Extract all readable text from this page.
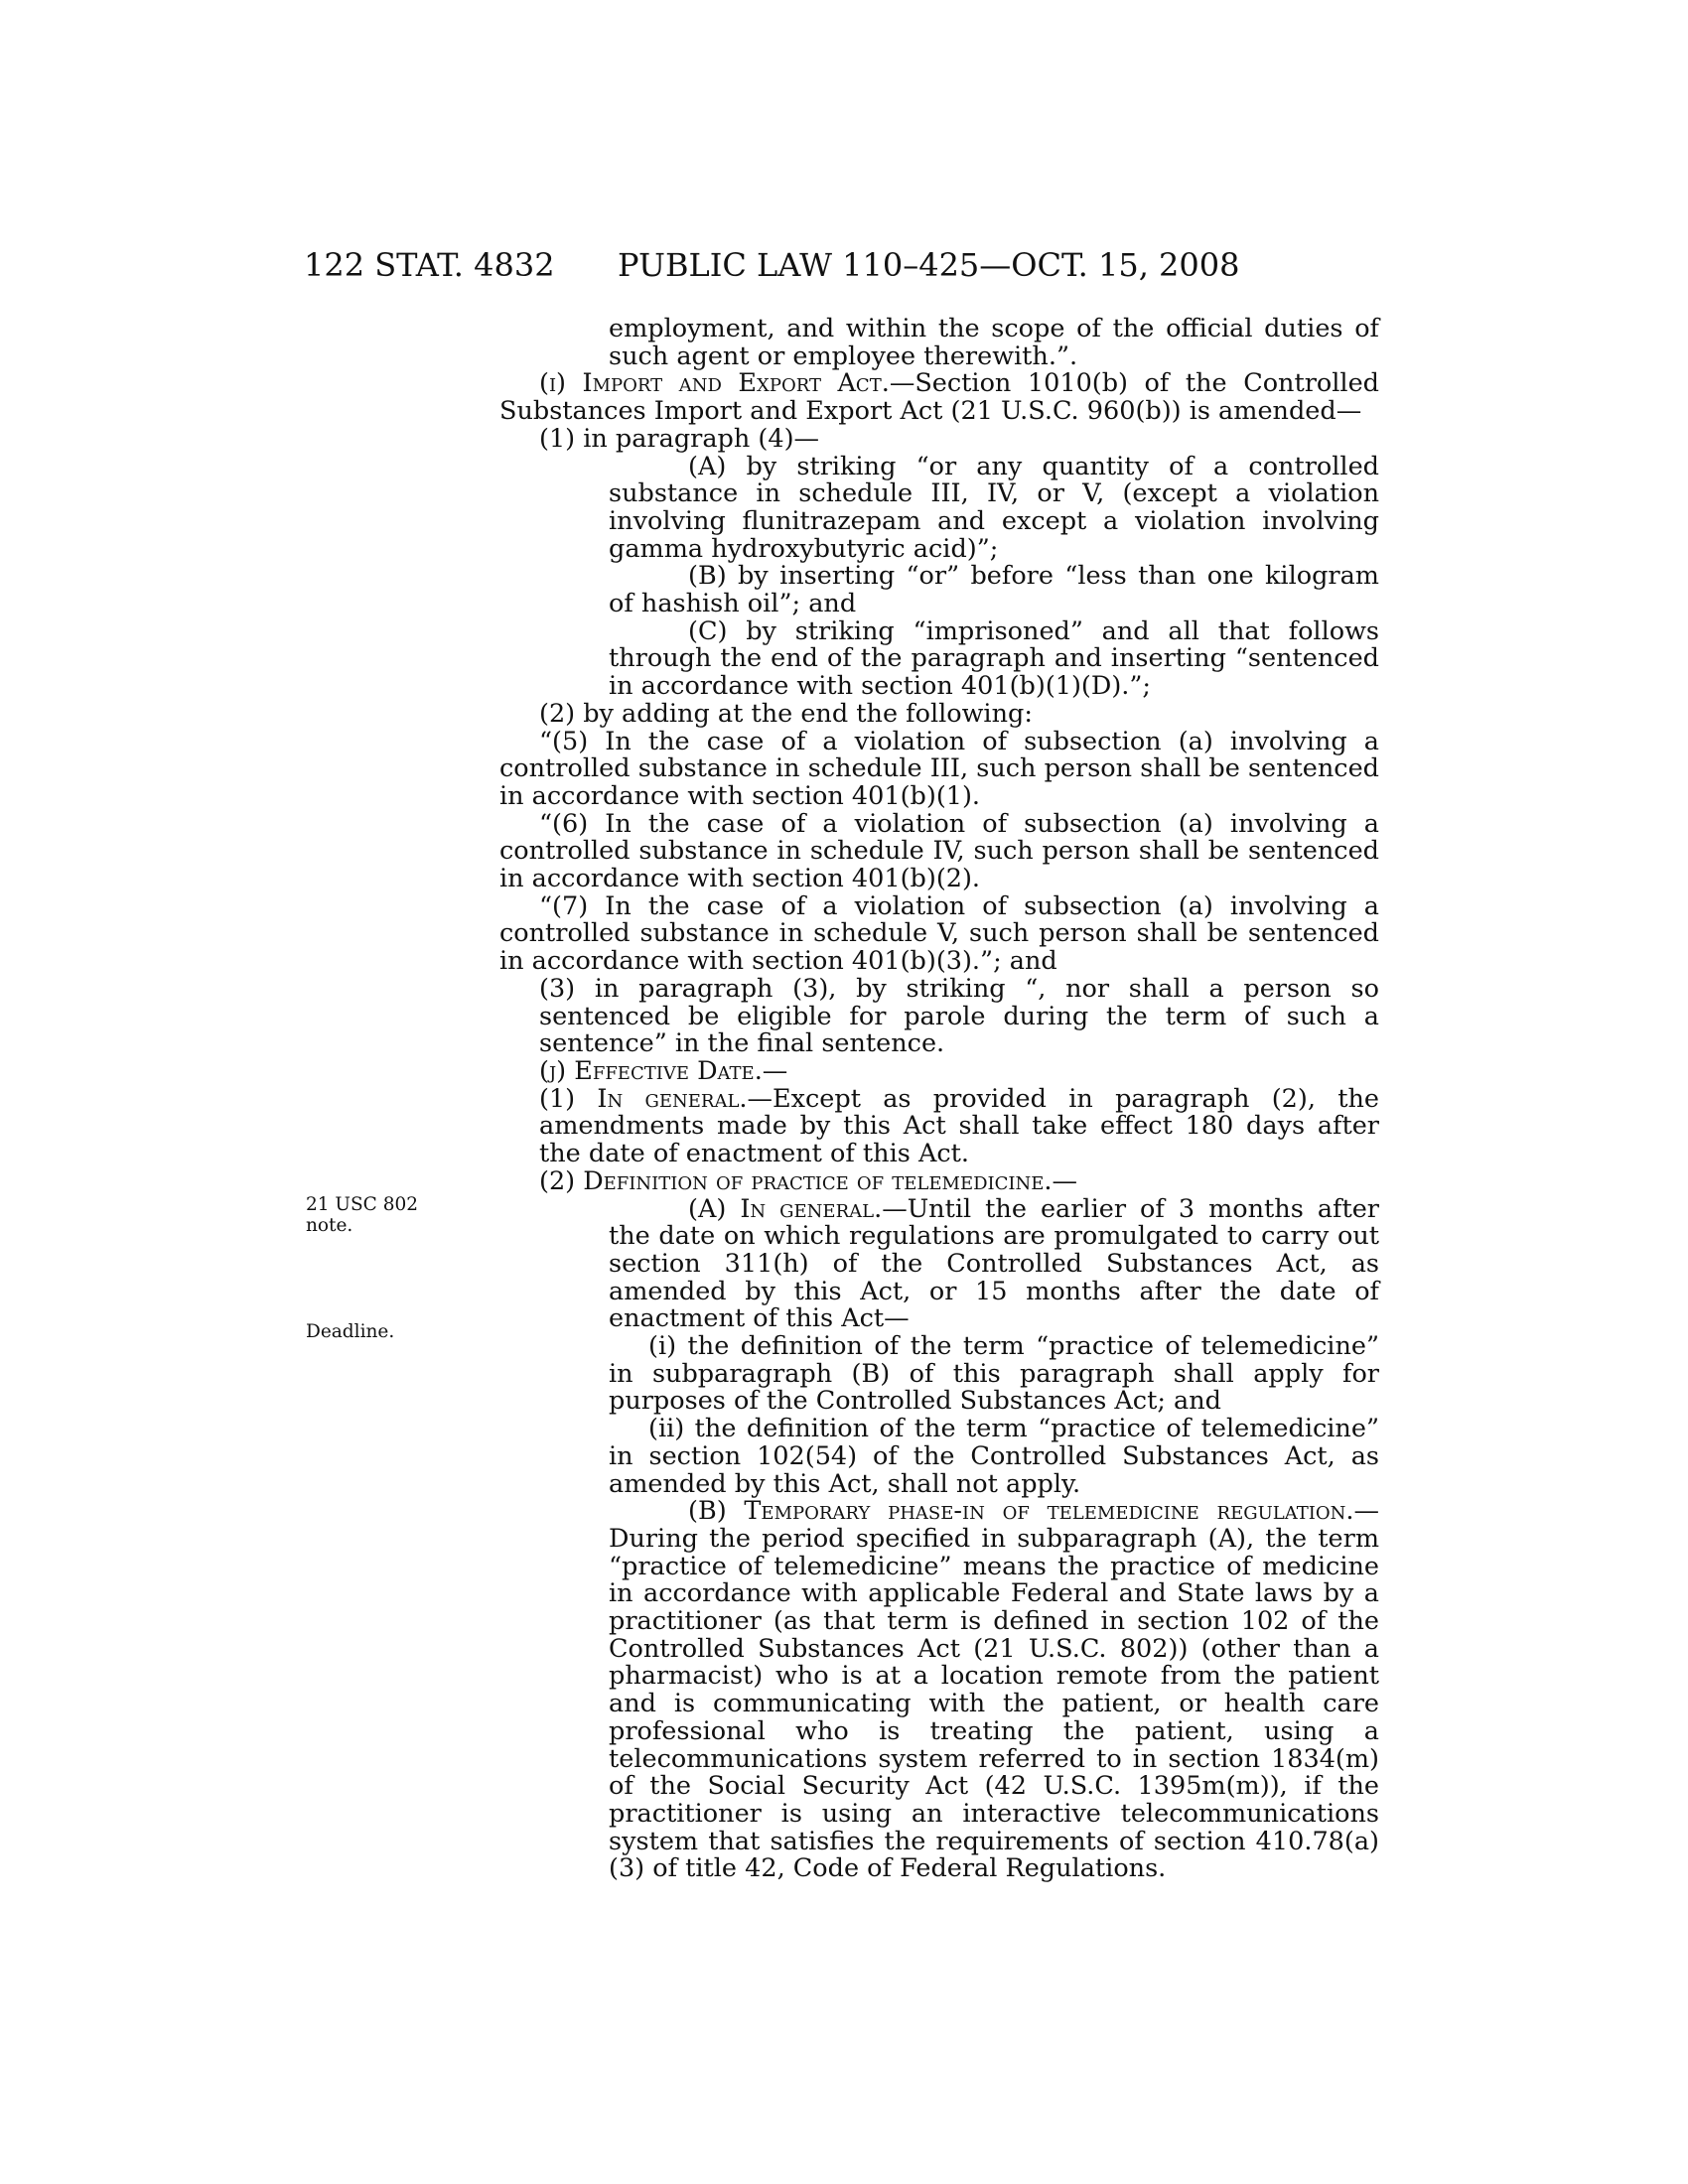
122 STAT. 4832 PUBLIC LAW 110–425—OCT. 15, 2008
21 USC 802
note.
Deadline.

employment, and within the scope of the official duties of such agent or employee therewith.”.

(i) Import and Export Act.—Section 1010(b) of the Controlled Substances Import and Export Act (21 U.S.C. 960(b)) is amended—

(1) in paragraph (4)—

(A) by striking “or any quantity of a controlled substance in schedule III, IV, or V, (except a violation involving flunitrazepam and except a violation involving gamma hydroxybutyric acid)”;

(B) by inserting “or” before “less than one kilogram of hashish oil”; and

(C) by striking “imprisoned” and all that follows through the end of the paragraph and inserting “sentenced in accordance with section 401(b)(1)(D).”;

(2) by adding at the end the following:

“(5) In the case of a violation of subsection (a) involving a controlled substance in schedule III, such person shall be sentenced in accordance with section 401(b)(1).

“(6) In the case of a violation of subsection (a) involving a controlled substance in schedule IV, such person shall be sentenced in accordance with section 401(b)(2).

“(7) In the case of a violation of subsection (a) involving a controlled substance in schedule V, such person shall be sentenced in accordance with section 401(b)(3).”; and

(3) in paragraph (3), by striking “, nor shall a person so sentenced be eligible for parole during the term of such a sentence” in the final sentence.

(j) Effective Date.—

(1) In general.—Except as provided in paragraph (2), the amendments made by this Act shall take effect 180 days after the date of enactment of this Act.

(2) Definition of practice of telemedicine.—

(A) In general.—Until the earlier of 3 months after the date on which regulations are promulgated to carry out section 311(h) of the Controlled Substances Act, as amended by this Act, or 15 months after the date of enactment of this Act—

(i) the definition of the term “practice of telemedicine” in subparagraph (B) of this paragraph shall apply for purposes of the Controlled Substances Act; and

(ii) the definition of the term “practice of telemedicine” in section 102(54) of the Controlled Substances Act, as amended by this Act, shall not apply.

(B) Temporary phase-in of telemedicine regulation.—During the period specified in subparagraph (A), the term “practice of telemedicine” means the practice of medicine in accordance with applicable Federal and State laws by a practitioner (as that term is defined in section 102 of the Controlled Substances Act (21 U.S.C. 802)) (other than a pharmacist) who is at a location remote from the patient and is communicating with the patient, or health care professional who is treating the patient, using a telecommunications system referred to in section 1834(m) of the Social Security Act (42 U.S.C. 1395m(m)), if the practitioner is using an interactive telecommunications system that satisfies the requirements of section 410.78(a)(3) of title 42, Code of Federal Regulations.
